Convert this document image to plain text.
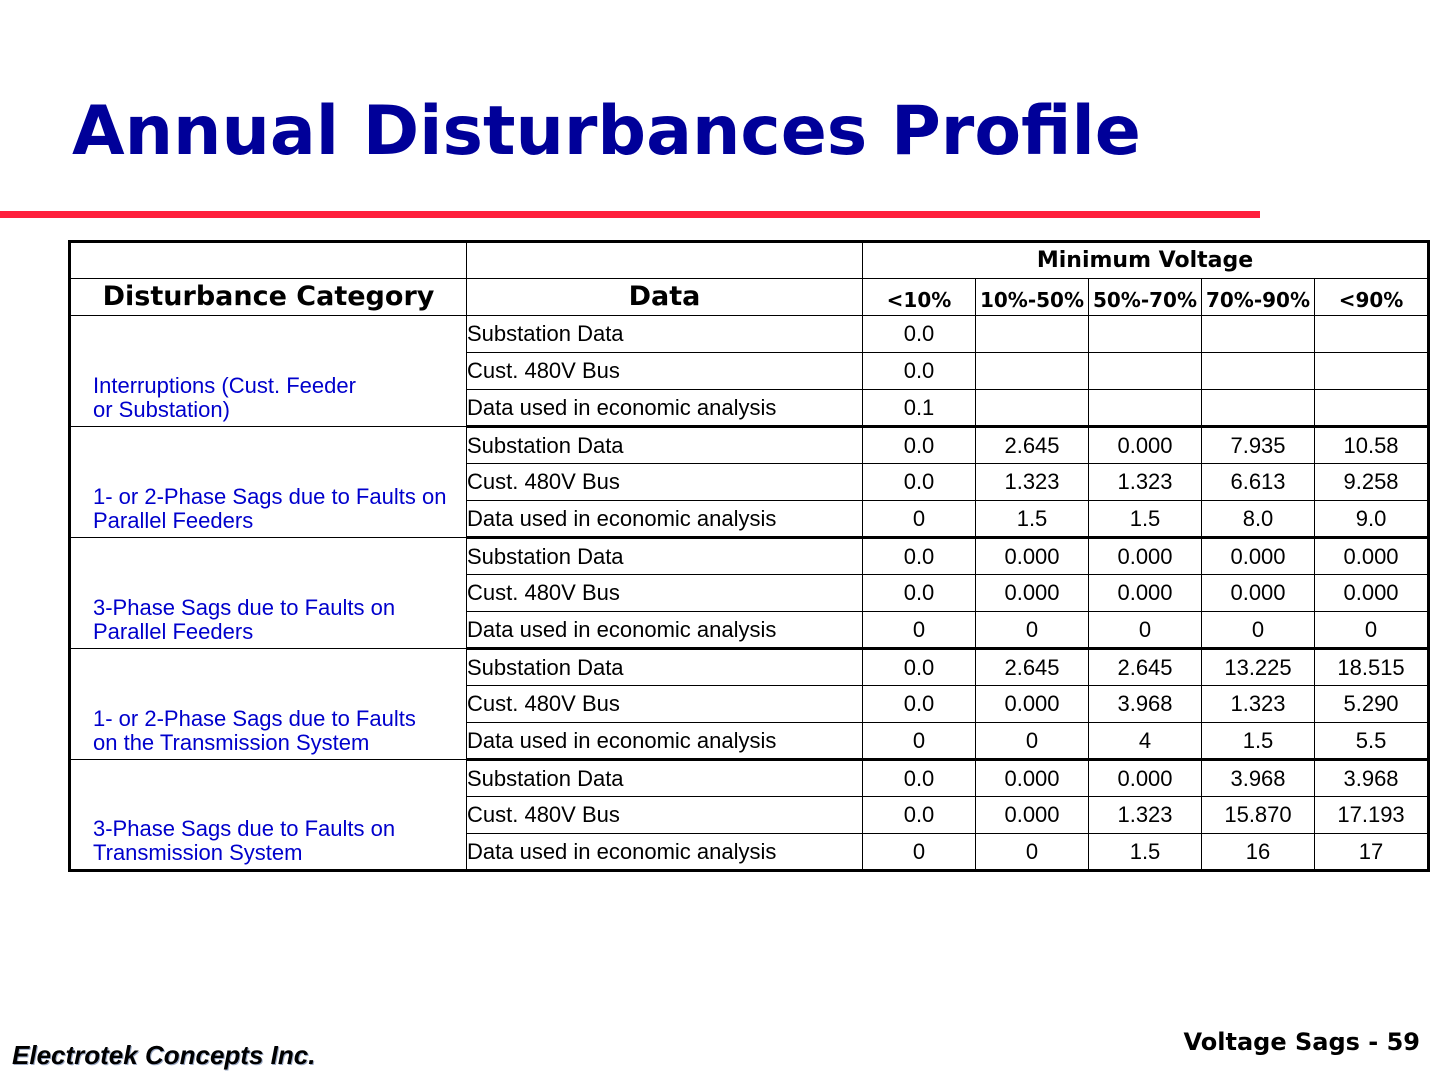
Annual Disturbances Profile
		Minimum Voltage				
Disturbance Category	Data	<10%	10%-50%	50%-70%	70%-90%	<90%

Interruptions (Cust. Feeder
or Substation)	Substation Data	0.0				
	Cust. 480V Bus	0.0				
	Data used in economic analysis	0.1				

1- or 2-Phase Sags due to Faults on
Parallel Feeders	Substation Data	0.0	2.645	0.000	7.935	10.58
	Cust. 480V Bus	0.0	1.323	1.323	6.613	9.258
	Data used in economic analysis	0	1.5	1.5	8.0	9.0

3-Phase Sags due to Faults on
Parallel Feeders	Substation Data	0.0	0.000	0.000	0.000	0.000
	Cust. 480V Bus	0.0	0.000	0.000	0.000	0.000
	Data used in economic analysis	0	0	0	0	0

1- or 2-Phase Sags due to Faults
on the Transmission System	Substation Data	0.0	2.645	2.645	13.225	18.515
	Cust. 480V Bus	0.0	0.000	3.968	1.323	5.290
	Data used in economic analysis	0	0	4	1.5	5.5

3-Phase Sags due to Faults on
Transmission System	Substation Data	0.0	0.000	0.000	3.968	3.968
	Cust. 480V Bus	0.0	0.000	1.323	15.870	17.193
	Data used in economic analysis	0	0	1.5	16	17

Electrotek Concepts Inc.	Voltage Sags - 59
